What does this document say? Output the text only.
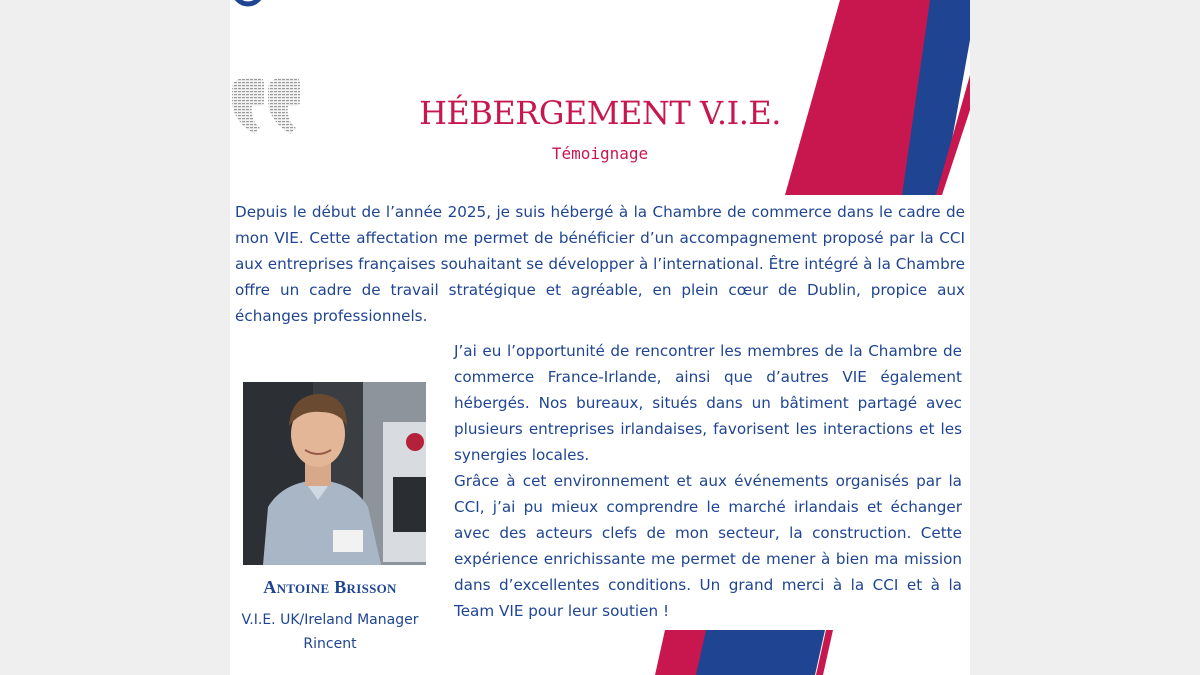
HÉBERGEMENT V.I.E.
Témoignage

Depuis le début de l’année 2025, je suis hébergé à la Chambre de commerce dans le cadre de mon VIE. Cette affectation me permet de bénéficier d’un accompagnement proposé par la CCI aux entreprises françaises souhaitant se développer à l’international. Être intégré à la Chambre offre un cadre de travail stratégique et agréable, en plein cœur de Dublin, propice aux échanges professionnels.

J’ai eu l’opportunité de rencontrer les membres de la Chambre de commerce France-Irlande, ainsi que d’autres VIE également hébergés. Nos bureaux, situés dans un bâtiment partagé avec plusieurs entreprises irlandaises, favorisent les interactions et les synergies locales.
Grâce à cet environnement et aux événements organisés par la CCI, j’ai pu mieux comprendre le marché irlandais et échanger avec des acteurs clefs de mon secteur, la construction. Cette expérience enrichissante me permet de mener à bien ma mission dans d’excellentes conditions. Un grand merci à la CCI et à la Team VIE pour leur soutien !
Antoine Brisson
V.I.E. UK/Ireland Manager
Rincent
